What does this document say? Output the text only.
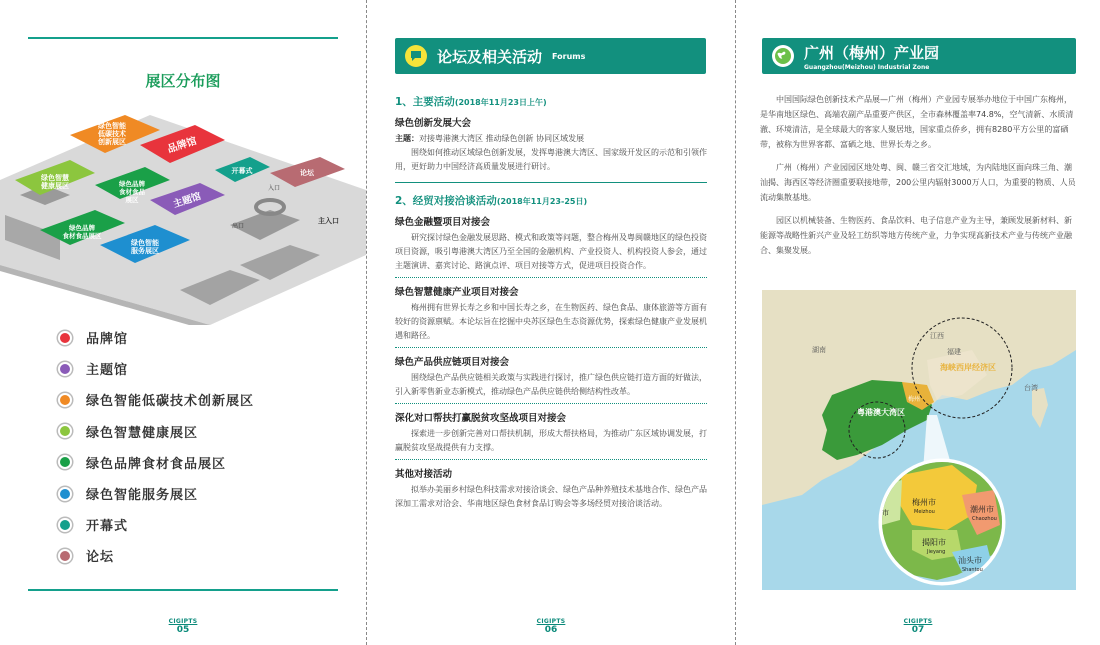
展区分布图
绿色智能低碳技术创新展区	品牌馆
开幕式	论坛
绿色智慧健康展区	绿色品牌食材食品展区	主题馆
绿色品牌食材食品展区
绿色智能服务展区
入口
主入口
出口
品牌馆
主题馆
绿色智能低碳技术创新展区
绿色智慧健康展区
绿色品牌食材食品展区
绿色智能服务展区
开幕式
论坛
CIGIPTS
05
论坛及相关活动 Forums
1、主要活动(2018年11月23日上午)
绿色创新发展大会
主题：对接粤港澳大湾区 推动绿色创新 协同区域发展
围绕如何推动区域绿色创新发展，发挥粤港澳大湾区、国家级开发区的示范和引领作用，更好助力中国经济高质量发展进行研讨。
2、经贸对接洽谈活动(2018年11月23-25日)
绿色金融暨项目对接会
研究探讨绿色金融发展思路、模式和政策等问题，整合梅州及粤闽赣地区的绿色投资项目资源，吸引粤港澳大湾区乃至全国的金融机构、产业投资人、机构投资人参会，通过主题演讲、嘉宾讨论、路演点评、项目对接等方式，促进项目投资合作。
绿色智慧健康产业项目对接会
梅州拥有世界长寿之乡和中国长寿之乡，在生物医药、绿色食品、康体旅游等方面有较好的资源禀赋。本论坛旨在挖掘中央苏区绿色生态资源优势，探索绿色健康产业发展机遇和路径。
绿色产品供应链项目对接会
围绕绿色产品供应链相关政策与实践进行探讨，推广绿色供应链打造方面的好做法，引入新零售新业态新模式，推动绿色产品供应链供给侧结构性改革。
深化对口帮扶打赢脱贫攻坚战项目对接会
探索进一步创新完善对口帮扶机制，形成大帮扶格局，为推动广东区域协调发展，打赢脱贫攻坚战提供有力支撑。
其他对接活动
拟举办美丽乡村绿色科技需求对接洽谈会、绿色产品种养殖技术基地合作、绿色产品深加工需求对洽会、华南地区绿色食材食品订购会等多场经贸对接洽谈活动。
CIGIPTS
06
广州（梅州）产业园
Guangzhou(Meizhou) Industrial Zone
中国国际绿色创新技术产品展—广州（梅州）产业园专展举办地位于中国广东梅州，是华南地区绿色、高端农副产品重要产供区，全市森林覆盖率74.8%，空气清新、水质清澈、环境清洁，是全球最大的客家人聚居地，国家重点侨乡，拥有8280平方公里的富硒带，被称为世界客都、富硒之地、世界长寿之乡。
广州（梅州）产业园园区地处粤、闽、赣三省交汇地域，为内陆地区面向珠三角、潮汕揭、海西区等经济圈重要联接地带，200公里内辐射3000万人口，为重要的物质、人员流动集散基地。
园区以机械装备、生物医药、食品饮料、电子信息产业为主导，兼顾发展新材料、新能源等战略性新兴产业及轻工纺织等地方传统产业，力争实现高新技术产业与传统产业融合、集聚发展。
江西
湖南	福建
台湾
海峡西岸经济区
粤港澳大湾区
梅州
梅州市
Meizhou	潮州市
Chaozhou
揭阳市
Jieyang
汕头市
Shantou
市
CIGIPTS
07
